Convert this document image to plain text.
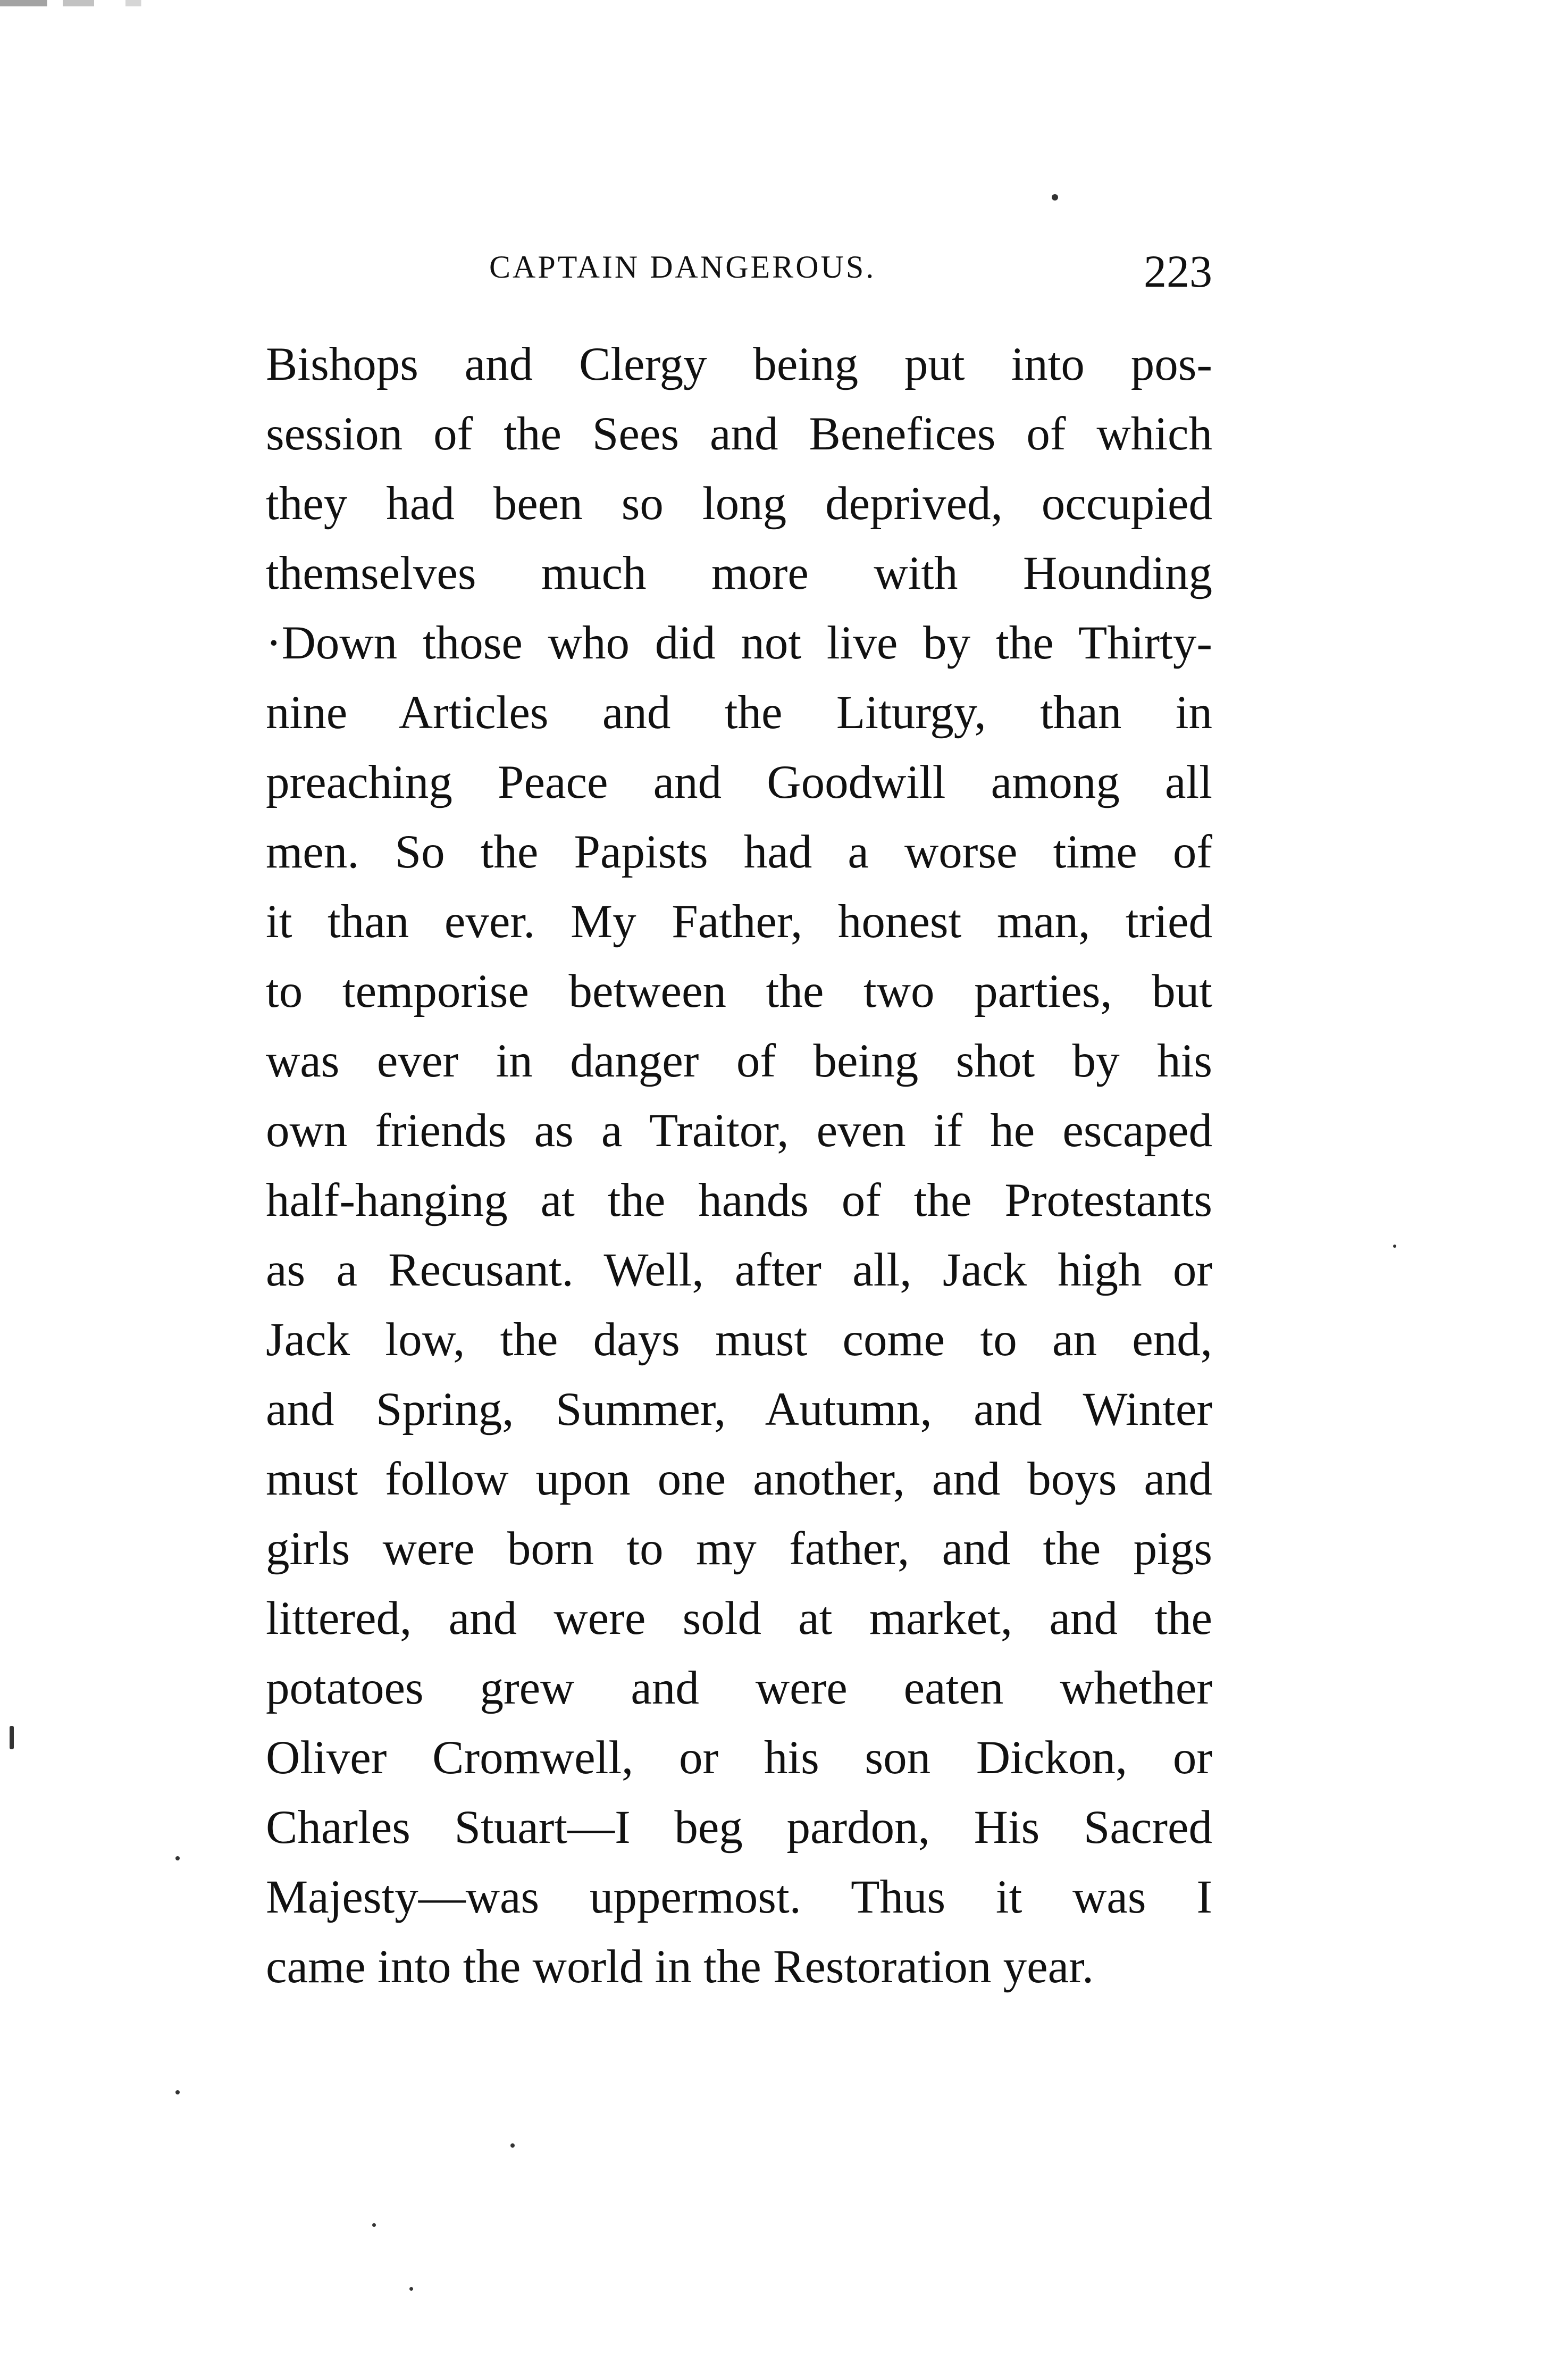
CAPTAIN DANGEROUS.	223
Bishops and Clergy being put into pos-
session of the Sees and Benefices of which
they had been so long deprived, occupied
themselves much more with Hounding
·Down those who did not live by the Thirty-
nine Articles and the Liturgy, than in
preaching Peace and Goodwill among all
men. So the Papists had a worse time of
it than ever. My Father, honest man, tried
to temporise between the two parties, but
was ever in danger of being shot by his
own friends as a Traitor, even if he escaped
half-hanging at the hands of the Protestants
as a Recusant. Well, after all, Jack high or
Jack low, the days must come to an end,
and Spring, Summer, Autumn, and Winter
must follow upon one another, and boys and
girls were born to my father, and the pigs
littered, and were sold at market, and the
potatoes grew and were eaten whether
Oliver Cromwell, or his son Dickon, or
Charles Stuart—I beg pardon, His Sacred
Majesty—was uppermost. Thus it was I
came into the world in the Restoration year.
